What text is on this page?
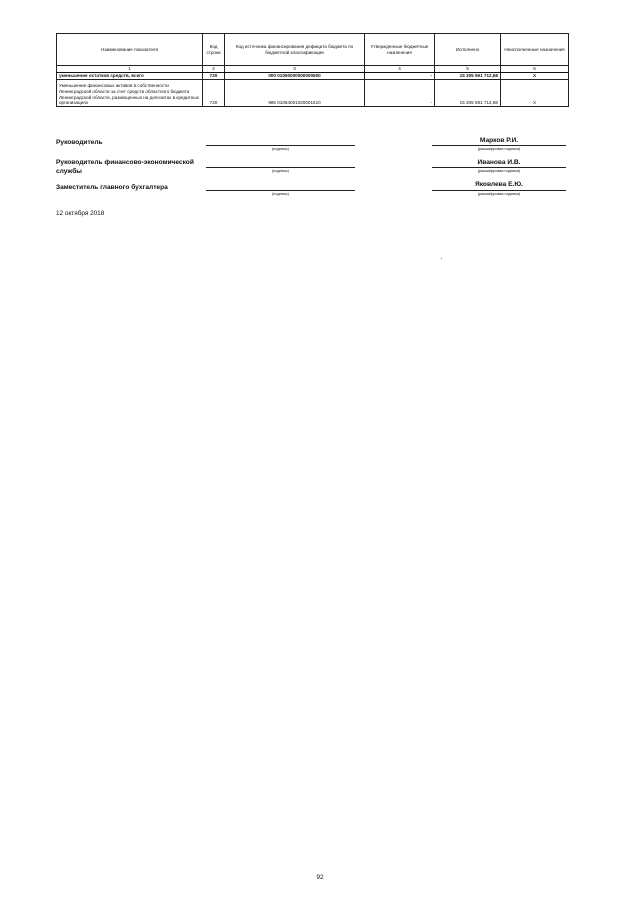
Наименование показателя	Код строки	Код источника финансирования дефицита бюджета по бюджетной классификации	Утвержденные бюджетные назначения	Исполнено	Неисполненные назначения
1	2	3	4	5	6
уменьшение остатков средств, всего	720	000 01050000000000600	-	15 305 591 712,68	X
Уменьшение финансовых активов в собственности Ленинградской области за счет средств областного бюджета Ленинградской области, размещенных на депозитах в кредитных организациях	720	985 01064001020001610	-	15 305 591 712,68	X
Руководитель
(подпись)
Марков Р.И.
(расшифровка подписи)
Руководитель финансово-экономической службы	(подпись)
Иванова И.В.
(расшифровка подписи)
Заместитель главного бухгалтера
(подпись)
Яковлева Е.Ю.
(расшифровка подписи)
12 октября 2018
92
